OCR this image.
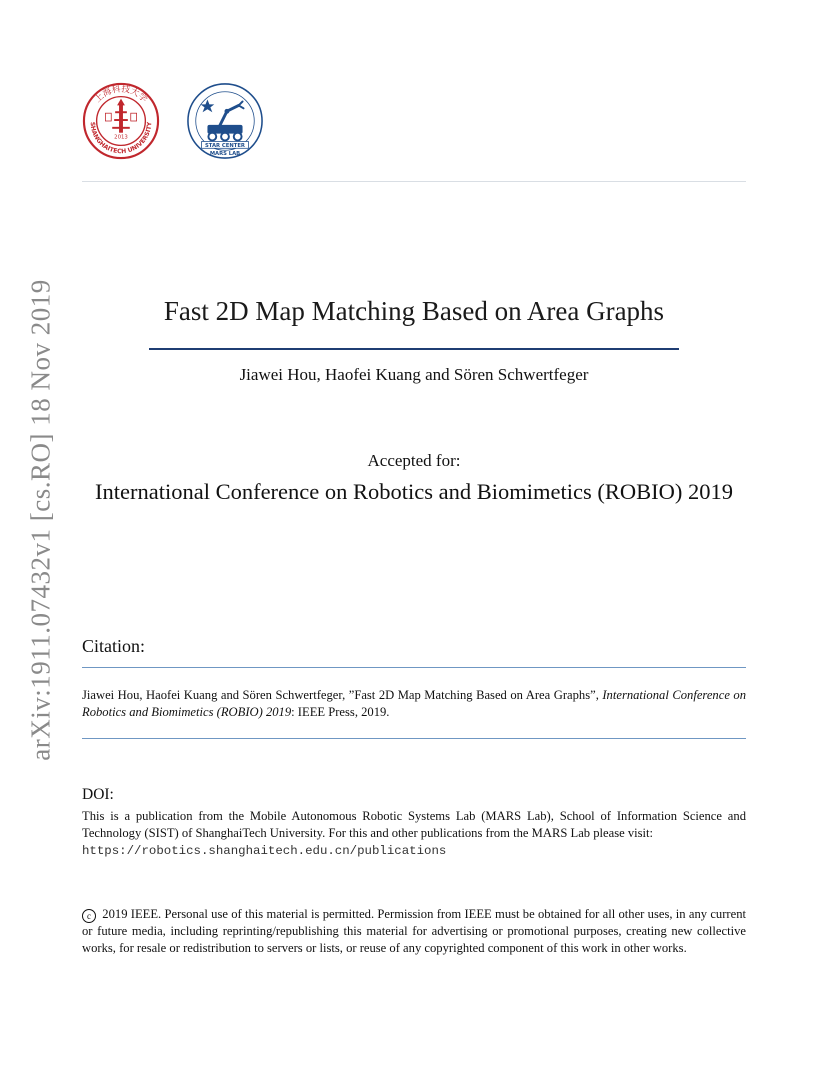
上海科技大学
SHANGHAITECH UNIVERSITY
2013
STAR CENTER
MARS LAB
arXiv:1911.07432v1 [cs.RO] 18 Nov 2019	Fast 2D Map Matching Based on Area Graphs
Jiawei Hou, Haofei Kuang and Sören Schwertfeger
Accepted for:
International Conference on Robotics and Biomimetics (ROBIO) 2019
Citation:
Jiawei Hou, Haofei Kuang and Sören Schwertfeger, ”Fast 2D Map Matching Based on Area Graphs”, International Conference on Robotics and Biomimetics (ROBIO) 2019: IEEE Press, 2019.
DOI:
This is a publication from the Mobile Autonomous Robotic Systems Lab (MARS Lab), School of Information Science and Technology (SIST) of ShanghaiTech University. For this and other publications from the MARS Lab please visit:
https://robotics.shanghaitech.edu.cn/publications
c 2019 IEEE. Personal use of this material is permitted. Permission from IEEE must be obtained for all other uses, in any current or future media, including reprinting/republishing this material for advertising or promotional purposes, creating new collective works, for resale or redistribution to servers or lists, or reuse of any copyrighted component of this work in other works.
